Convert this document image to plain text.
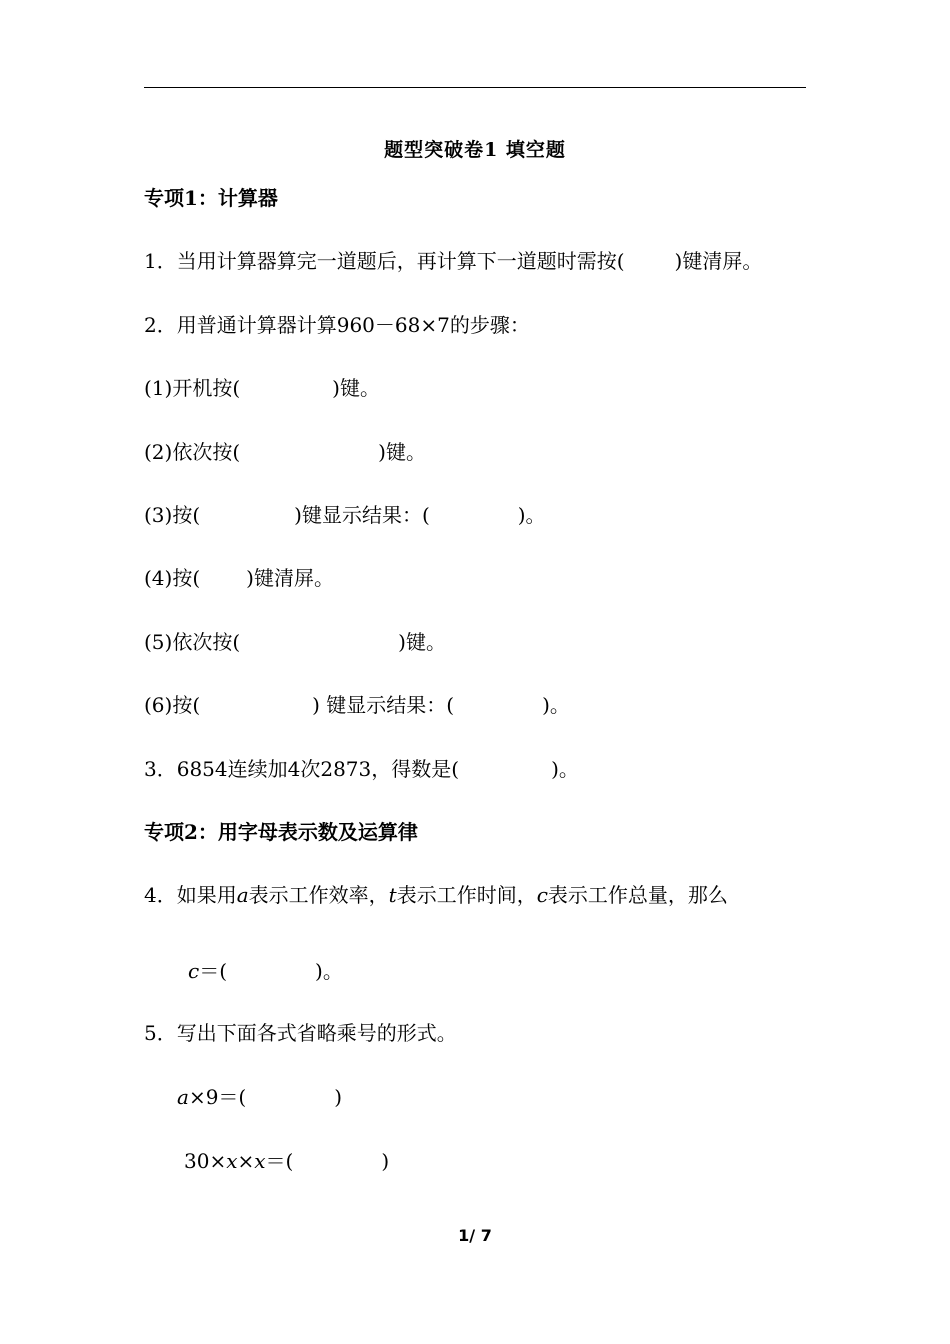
题型突破卷1 填空题
专项1：计算器
1．当用计算器算完一道题后，再计算下一道题时需按(	)键清屏。
2．用普通计算器计算960－68×7的步骤：
(1)开机按(	)键。
(2)依次按(	)键。
(3)按(	)键显示结果：(	)。
(4)按( )键清屏。
(5)依次按(	)键。
(6)按(	) 键显示结果：(	)。
3．6854连续加4次2873，得数是(	)。
专项2：用字母表示数及运算律
4．如果用a表示工作效率，t表示工作时间，c表示工作总量，那么
c＝(	)。
5．写出下面各式省略乘号的形式。
a×9＝(	)
30×x×x＝(	)
1/ 7
